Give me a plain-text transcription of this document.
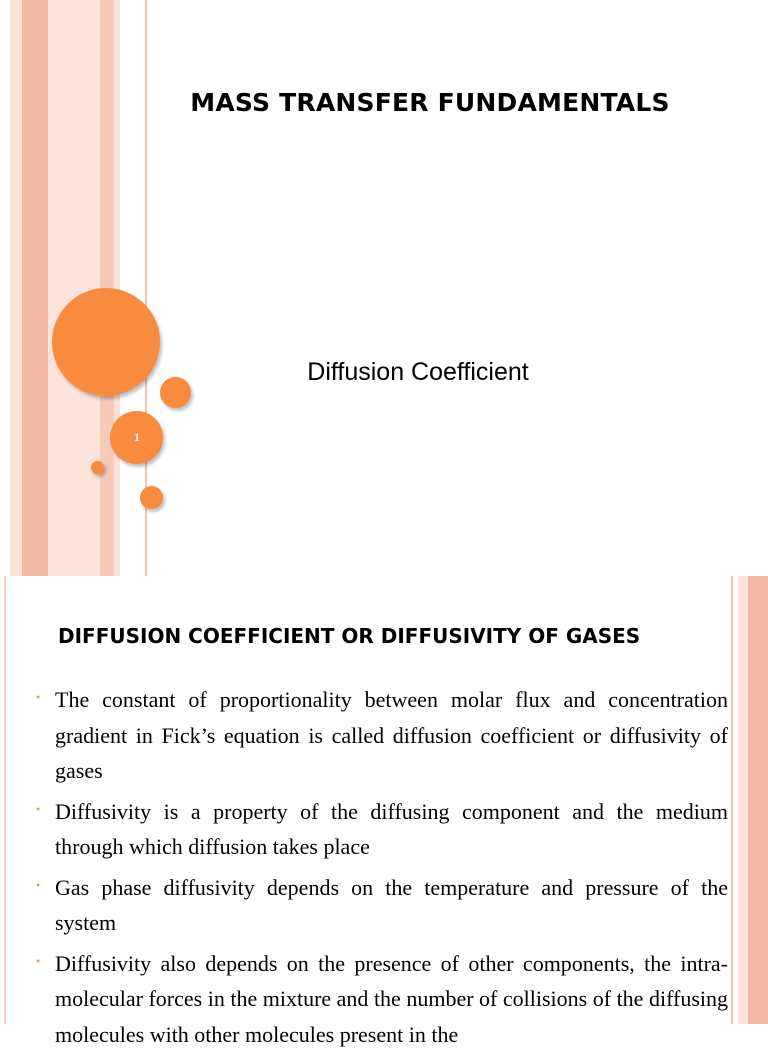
1
MASS TRANSFER FUNDAMENTALS
Diffusion Coefficient
DIFFUSION COEFFICIENT OR DIFFUSIVITY OF GASES
• The constant of proportionality between molar flux and concentration gradient in Fick’s equation is called diffusion coefficient or diffusivity of gases
• Diffusivity is a property of the diffusing component and the medium through which diffusion takes place
• Gas phase diffusivity depends on the temperature and pressure of the system
• Diffusivity also depends on the presence of other components, the intra-molecular forces in the mixture and the number of collisions of the diffusing molecules with other molecules present in the
